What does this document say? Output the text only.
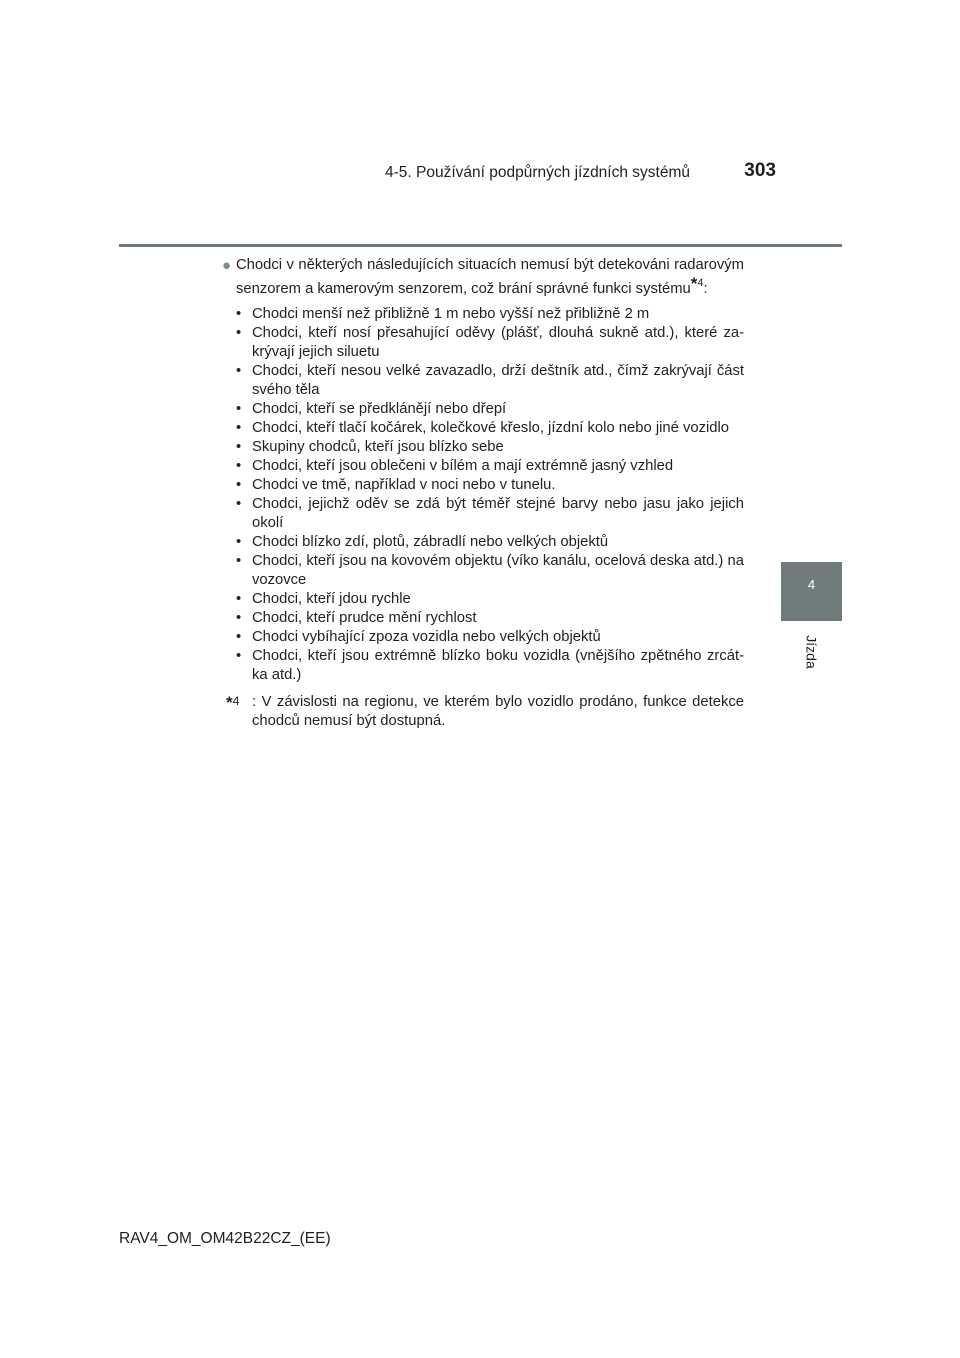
4-5. Používání podpůrných jízdních systémů	303
4
Jízda

● Chodci v některých následujících situacích nemusí být detekováni radarovým senzorem a kamerovým senzorem, což brání správné funkci systému*$^4$:

• Chodci menší než přibližně 1 m nebo vyšší než přibližně 2 m
• Chodci, kteří nosí přesahující oděvy (plášť, dlouhá sukně atd.), které za-krývají jejich siluetu
• Chodci, kteří nesou velké zavazadlo, drží deštník atd., čímž zakrývají část svého těla
• Chodci, kteří se předklánějí nebo dřepí
• Chodci, kteří tlačí kočárek, kolečkové křeslo, jízdní kolo nebo jiné vozidlo
• Skupiny chodců, kteří jsou blízko sebe
• Chodci, kteří jsou oblečeni v bílém a mají extrémně jasný vzhled
• Chodci ve tmě, například v noci nebo v tunelu.
• Chodci, jejichž oděv se zdá být téměř stejné barvy nebo jasu jako jejich okolí
• Chodci blízko zdí, plotů, zábradlí nebo velkých objektů
• Chodci, kteří jsou na kovovém objektu (víko kanálu, ocelová deska atd.) na vozovce
• Chodci, kteří jdou rychle
• Chodci, kteří prudce mění rychlost
• Chodci vybíhající zpoza vozidla nebo velkých objektů
• Chodci, kteří jsou extrémně blízko boku vozidla (vnějšího zpětného zrcát-ka atd.)

*$^4$ : V závislosti na regionu, ve kterém bylo vozidlo prodáno, funkce detekce chodců nemusí být dostupná.

RAV4_OM_OM42B22CZ_(EE)
